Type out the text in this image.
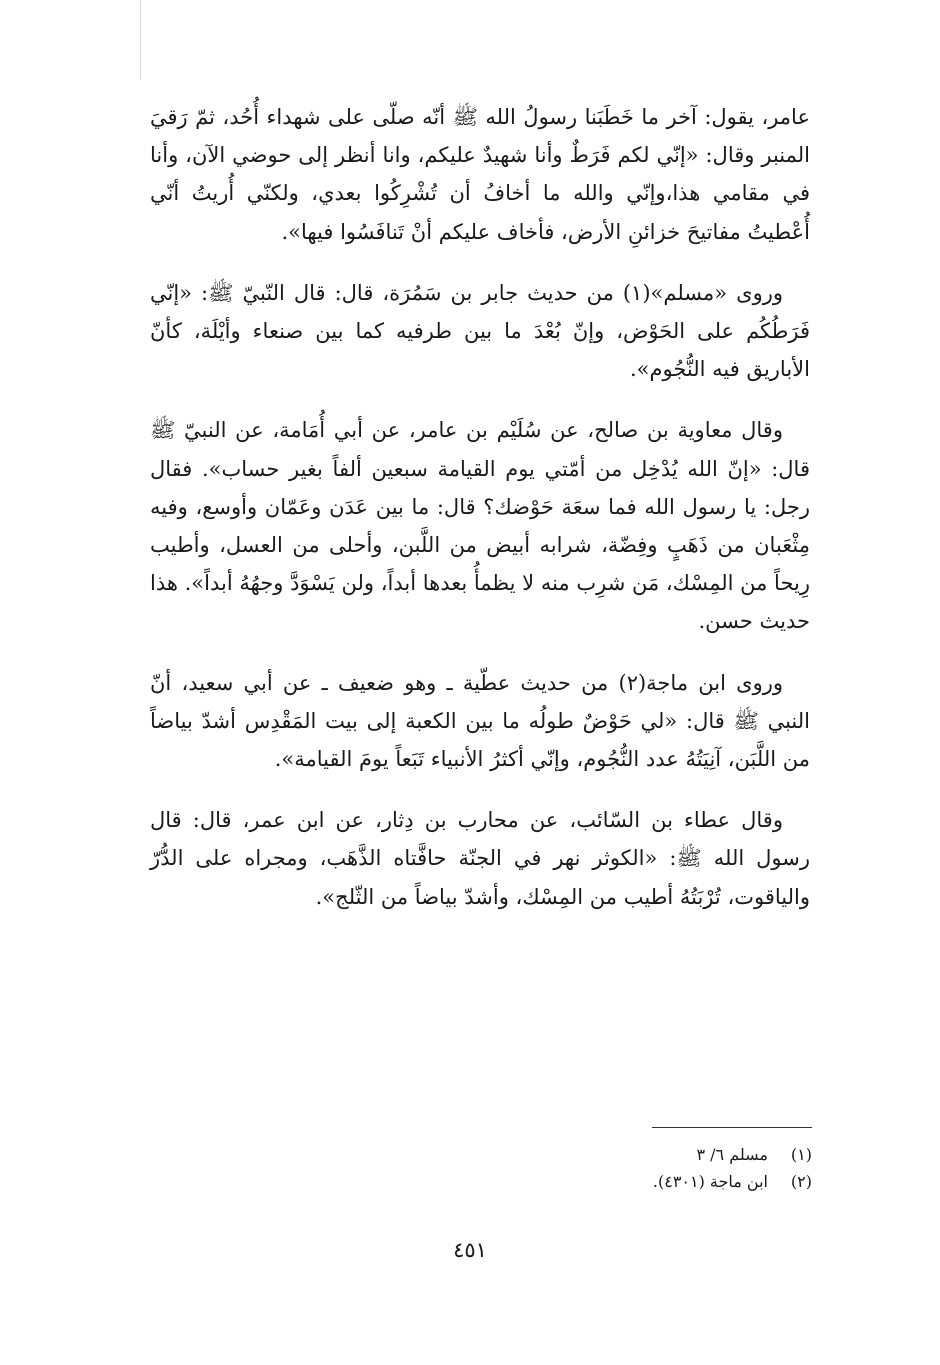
عامر، يقول: آخر ما خَطَبَنا رسولُ الله ﷺ أنّه صلّى على شهداء أُحُد، ثمّ رَقيَ المنبر وقال: «إنّي لكم فَرَطٌ وأنا شهيدٌ عليكم، وانا أنظر إلى حوضي الآن، وأنا في مقامي هذا،وإنّي والله ما أخافُ أن تُشْرِكُوا بعدي، ولكنّي أُريتُ أنّي أُعْطيتُ مفاتيحَ خزائنِ الأرض، فأخاف عليكم أنْ تَنافَسُوا فيها».

وروى «مسلم»(١) من حديث جابر بن سَمُرَة، قال: قال النّبيّ ﷺ: «إنّي فَرَطُكُم على الحَوْض، وإنّ بُعْدَ ما بين طرفيه كما بين صنعاء وأيْلَة، كأنّ الأباريق فيه النُّجُوم».

وقال معاوية بن صالح، عن سُلَيْم بن عامر، عن أبي أُمَامة، عن النبيّ ﷺ قال: «إنّ الله يُدْخِل من أمّتي يوم القيامة سبعين ألفاً بغير حساب». فقال رجل: يا رسول الله فما سعَة حَوْضك؟ قال: ما بين عَدَن وعَمّان وأوسع، وفيه مِثْعَبان من ذَهَبٍ وفِضّة، شرابه أبيض من اللَّبن، وأحلى من العسل، وأطيب رِيحاً من المِسْك، مَن شرِب منه لا يظمأُ بعدها أبداً، ولن يَسْوَدَّ وجهُهُ أبداً». هذا حديث حسن.

وروى ابن ماجة(٢) من حديث عطّية ـ وهو ضعيف ـ عن أبي سعيد، أنّ النبي ﷺ قال: «لي حَوْضٌ طولُه ما بين الكعبة إلى بيت المَقْدِس أشدّ بياضاً من اللَّبَن، آنِيَتُهُ عدد النُّجُوم، وإنّي أكثرُ الأنبياء تَبَعاً يومَ القيامة».

وقال عطاء بن السّائب، عن محارب بن دِثار، عن ابن عمر، قال: قال رسول الله ﷺ: «الكوثر نهر في الجنّة حافَّتاه الذَّهَب، ومجراه على الدُّرّ والياقوت، تُرْبَتُهُ أطيب من المِسْك، وأشدّ بياضاً من الثّلج».

(١)
مسلم ٦/ ٣
(٢)
ابن ماجة (٤٣٠١).
٤٥١
